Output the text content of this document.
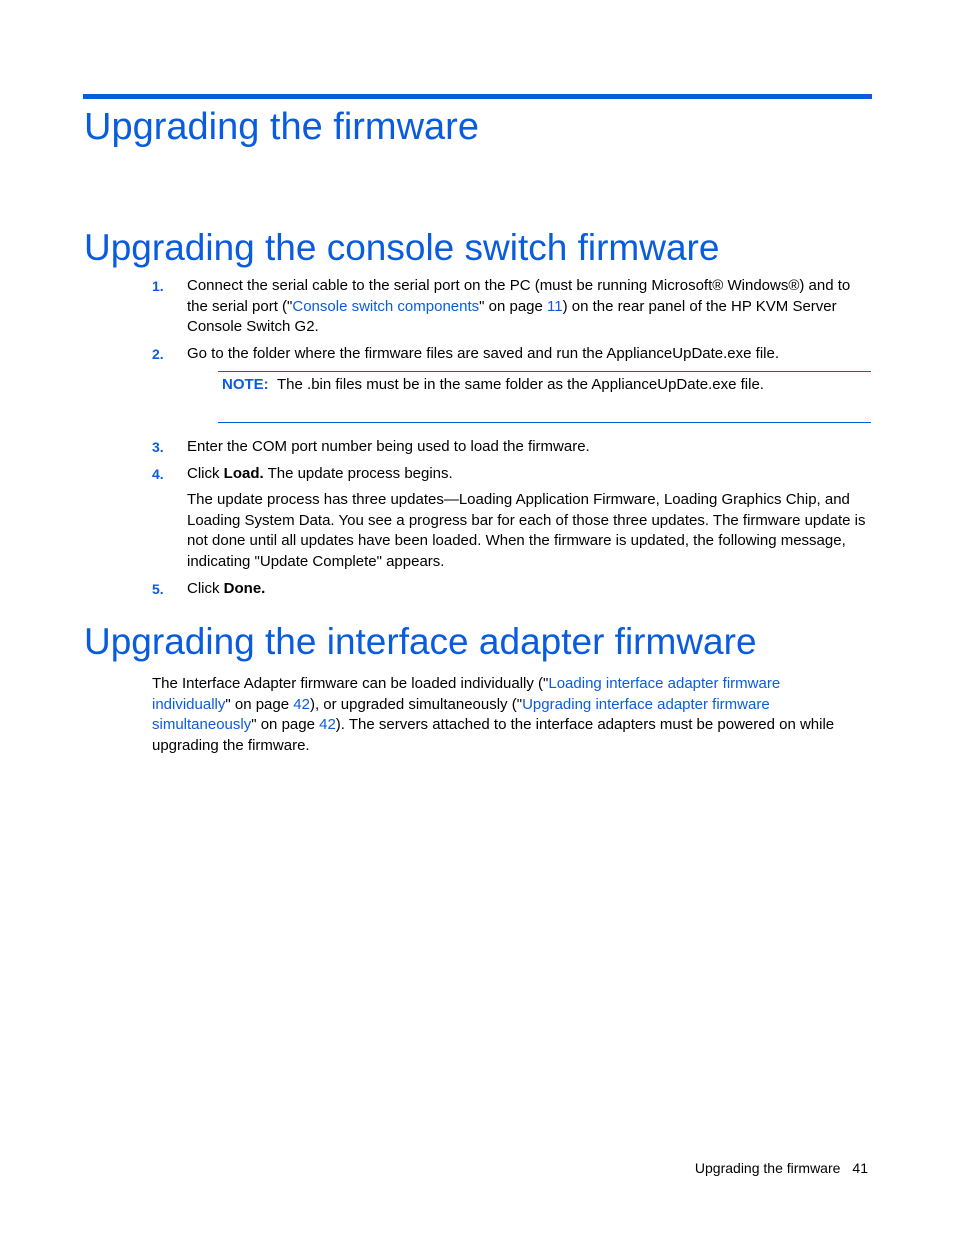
Upgrading the firmware
Upgrading the console switch firmware
1. Connect the serial cable to the serial port on the PC (must be running Microsoft® Windows®) and to the serial port ("Console switch components" on page 11) on the rear panel of the HP KVM Server Console Switch G2.

2. Go to the folder where the firmware files are saved and run the ApplianceUpDate.exe file.

NOTE: The .bin files must be in the same folder as the ApplianceUpDate.exe file.

3. Enter the COM port number being used to load the firmware.

4. Click Load. The update process begins.

The update process has three updates—Loading Application Firmware, Loading Graphics Chip, and Loading System Data. You see a progress bar for each of those three updates. The firmware update is not done until all updates have been loaded. When the firmware is updated, the following message, indicating "Update Complete" appears.

5. Click Done.

Upgrading the interface adapter firmware

The Interface Adapter firmware can be loaded individually ("Loading interface adapter firmware individually" on page 42), or upgraded simultaneously ("Upgrading interface adapter firmware simultaneously" on page 42). The servers attached to the interface adapters must be powered on while upgrading the firmware.

Upgrading the firmware 41
